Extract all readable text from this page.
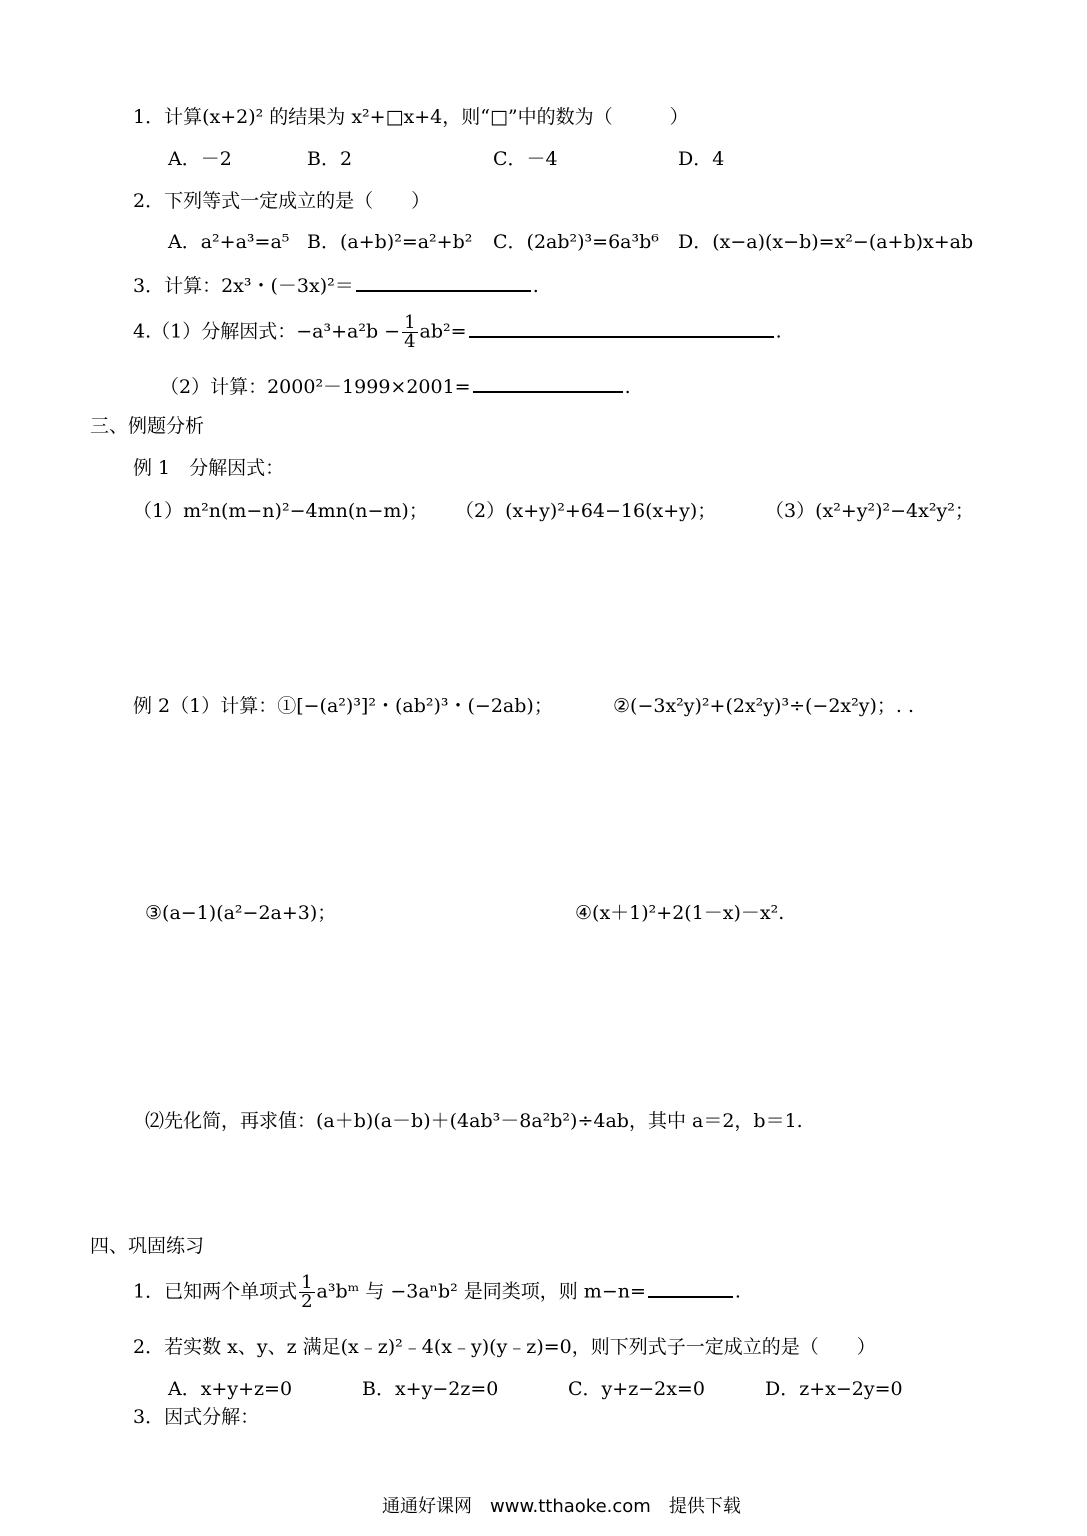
1．计算(x+2)² 的结果为 x²+□x+4，则“□”中的数为（　　　）
A．－2	B．2	C．－4	D．4
2．下列等式一定成立的是（　　）
A．a²+a³=a⁵ B．(a+b)²=a²+b² C．(2ab²)³=6a³b⁶ D．(x−a)(x−b)=x²−(a+b)x+ab
3．计算：2x³・(－3x)²＝	.
4.（1）分解因式：$-a^3+a^2b - \frac{1}{4} ab^2=$	.
（2）计算：2000²－1999×2001=	.
三、例题分析
例 1　分解因式：
（1）m²n(m−n)²−4mn(n−m)； （2）(x+y)²+64−16(x+y)；	（3）(x²+y²)²−4x²y²；
例 2（1）计算：①[−(a²)³]²・(ab²)³・(−2ab)；	②(−3x²y)²+(2x²y)³÷(−2x²y)；. .
③(a−1)(a²−2a+3)；	④(x＋1)²+2(1－x)－x².
⑵先化简，再求值：(a＋b)(a－b)＋(4ab³－8a²b²)÷4ab，其中 a＝2，b＝1.
四、巩固练习
1．已知两个单项式 $\frac{1}{2}$ a³bᵐ 与 −3aⁿb² 是同类项，则 m−n=	.
2．若实数 x、y、z 满足(x﹣z)²﹣4(x﹣y)(y﹣z)=0，则下列式子一定成立的是（　　）
A．x+y+z=0	B．x+y−2z=0	C．y+z−2x=0	D．z+x−2y=0
3．因式分解：
通通好课网　www.tthaoke.com　提供下载
